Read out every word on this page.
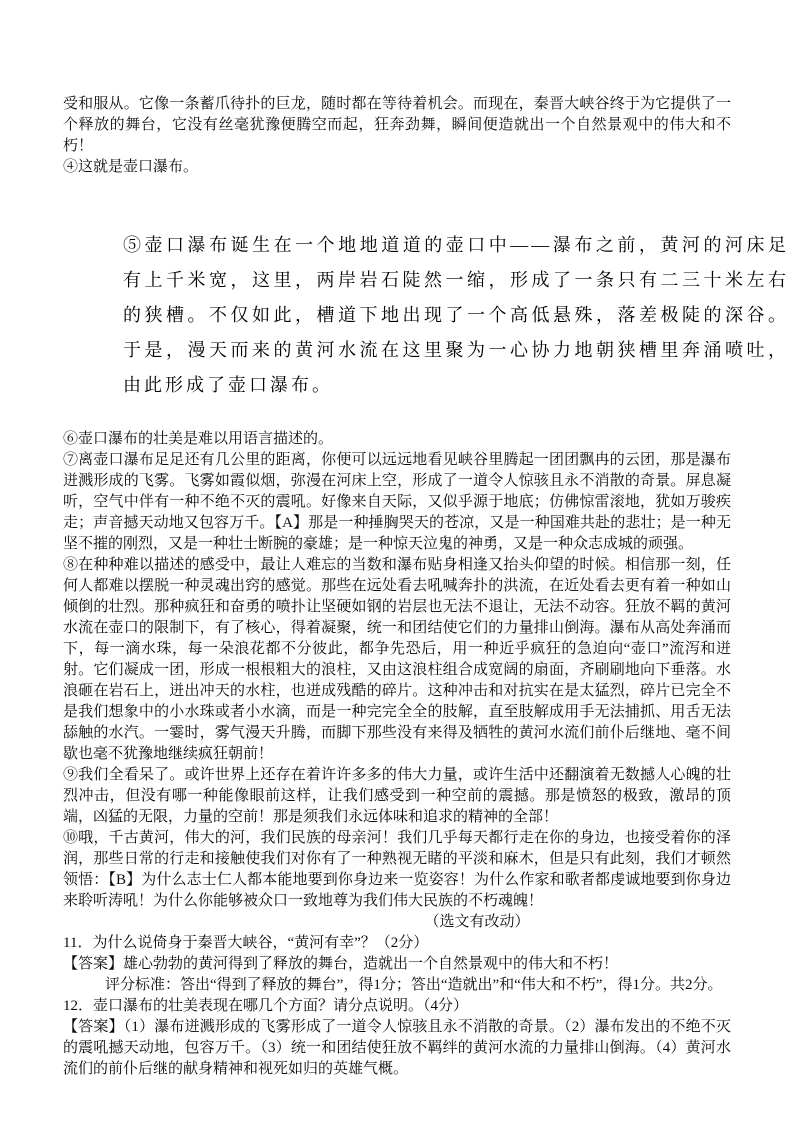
受和服从。它像一条蓄爪待扑的巨龙，随时都在等待着机会。而现在，秦晋大峡谷终于为它提供了一个释放的舞台，它没有丝毫犹豫便腾空而起，狂奔劲舞，瞬间便造就出一个自然景观中的伟大和不朽！

④这就是壶口瀑布。

⑤壶口瀑布诞生在一个地地道道的壶口中——瀑布之前，黄河的河床足有上千米宽，这里，两岸岩石陡然一缩，形成了一条只有二三十米左右的狭槽。不仅如此，槽道下地出现了一个高低悬殊，落差极陡的深谷。于是，漫天而来的黄河水流在这里聚为一心协力地朝狭槽里奔涌喷吐，由此形成了壶口瀑布。

⑥壶口瀑布的壮美是难以用语言描述的。

⑦离壶口瀑布足足还有几公里的距离，你便可以远远地看见峡谷里腾起一团团飘冉的云团，那是瀑布迸溅形成的飞雾。飞雾如霞似烟，弥漫在河床上空，形成了一道令人惊骇且永不消散的奇景。屏息凝听，空气中伴有一种不绝不灭的震吼。好像来自天际，又似乎源于地底；仿佛惊雷滚地，犹如万骏疾走；声音撼天动地又包容万千。【A】那是一种捶胸哭天的苍凉，又是一种国难共赴的悲壮；是一种无坚不摧的刚烈，又是一种壮士断腕的豪雄；是一种惊天泣鬼的神勇，又是一种众志成城的顽强。

⑧在种种难以描述的感受中，最让人难忘的当数和瀑布贴身相逢又抬头仰望的时候。相信那一刻，任何人都难以摆脱一种灵魂出窍的感觉。那些在远处看去吼喊奔扑的洪流，在近处看去更有着一种如山倾倒的壮烈。那种疯狂和奋勇的喷扑让坚硬如钢的岩层也无法不退让，无法不动容。狂放不羁的黄河水流在壶口的限制下，有了核心，得着凝聚，统一和团结使它们的力量排山倒海。瀑布从高处奔涌而下，每一滴水珠，每一朵浪花都不分彼此，都争先恐后，用一种近乎疯狂的急迫向“壶口”流泻和迸射。它们凝成一团，形成一根根粗大的浪柱，又由这浪柱组合成宽阔的扇面，齐刷刷地向下垂落。水浪砸在岩石上，迸出冲天的水柱，也迸成残酷的碎片。这种冲击和对抗实在是太猛烈，碎片已完全不是我们想象中的小水珠或者小水滴，而是一种完完全全的肢解，直至肢解成用手无法捕抓、用舌无法舔触的水汽。一霎时，雾气漫天升腾，而脚下那些没有来得及牺牲的黄河水流们前仆后继地、毫不间歇也毫不犹豫地继续疯狂朝前！

⑨我们全看呆了。或许世界上还存在着许许多多的伟大力量，或许生活中还翻演着无数撼人心魄的壮烈冲击，但没有哪一种能像眼前这样，让我们感受到一种空前的震撼。那是愤怒的极致，激昂的顶端，凶猛的无限，力量的空前！那是须我们永远体味和追求的精神的全部！

⑩哦，千古黄河，伟大的河，我们民族的母亲河！我们几乎每天都行走在你的身边，也接受着你的泽润，那些日常的行走和接触使我们对你有了一种熟视无睹的平淡和麻木，但是只有此刻，我们才顿然领悟：【B】为什么志士仁人都本能地要到你身边来一览姿容！为什么作家和歌者都虔诚地要到你身边来聆听涛吼！为什么你能够被众口一致地尊为我们伟大民族的不朽魂魄！

（选文有改动）

11．为什么说倚身于秦晋大峡谷，“黄河有幸”？（2分）

【答案】雄心勃勃的黄河得到了释放的舞台，造就出一个自然景观中的伟大和不朽！

评分标准：答出“得到了释放的舞台”，得1分；答出“造就出”和“伟大和不朽”，得1分。共2分。

12．壶口瀑布的壮美表现在哪几个方面？请分点说明。（4分）

【答案】（1）瀑布迸溅形成的飞雾形成了一道令人惊骇且永不消散的奇景。（2）瀑布发出的不绝不灭的震吼撼天动地，包容万千。（3）统一和团结使狂放不羁绊的黄河水流的力量排山倒海。（4）黄河水流们的前仆后继的献身精神和视死如归的英雄气概。
